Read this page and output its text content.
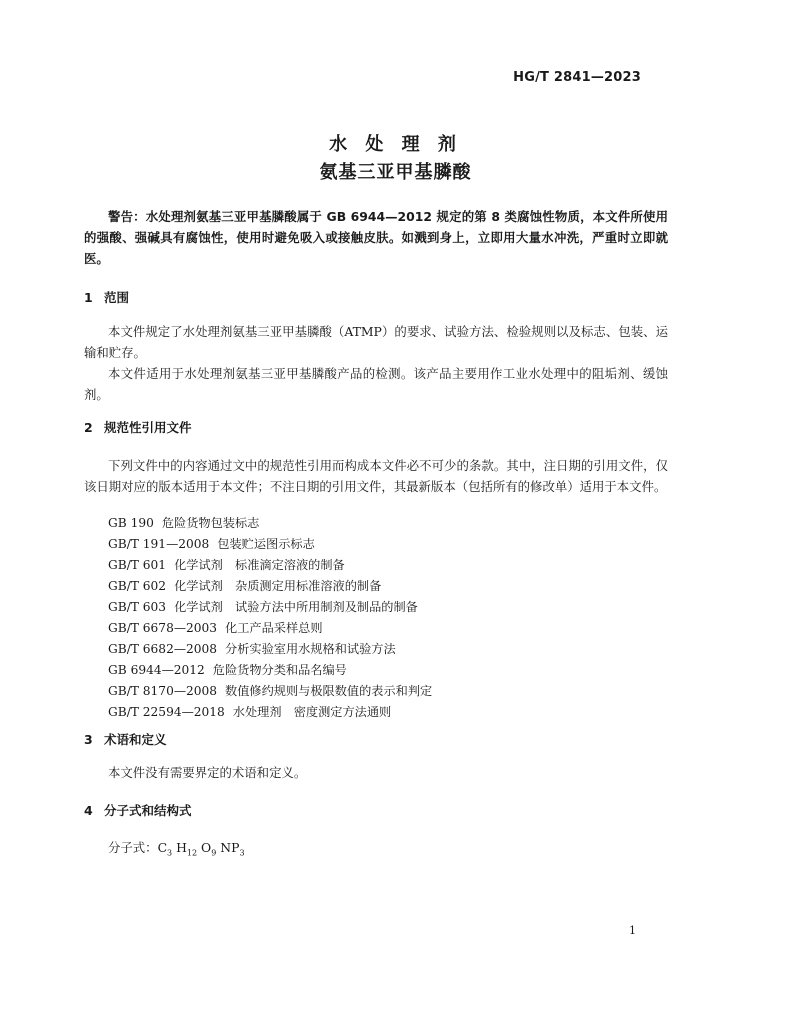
HG/T 2841—2023
水 处 理 剂
氨基三亚甲基膦酸
警告：水处理剂氨基三亚甲基膦酸属于 GB 6944—2012 规定的第 8 类腐蚀性物质，本文件所使用的强酸、强碱具有腐蚀性，使用时避免吸入或接触皮肤。如溅到身上，立即用大量水冲洗，严重时立即就医。
1 范围
本文件规定了水处理剂氨基三亚甲基膦酸（ATMP）的要求、试验方法、检验规则以及标志、包装、运输和贮存。
本文件适用于水处理剂氨基三亚甲基膦酸产品的检测。该产品主要用作工业水处理中的阻垢剂、缓蚀剂。
2 规范性引用文件
下列文件中的内容通过文中的规范性引用而构成本文件必不可少的条款。其中，注日期的引用文件，仅该日期对应的版本适用于本文件；不注日期的引用文件，其最新版本（包括所有的修改单）适用于本文件。
GB 190 危险货物包装标志
GB/T 191—2008 包装贮运图示标志
GB/T 601 化学试剂　标准滴定溶液的制备
GB/T 602 化学试剂　杂质测定用标准溶液的制备
GB/T 603 化学试剂　试验方法中所用制剂及制品的制备
GB/T 6678—2003 化工产品采样总则
GB/T 6682—2008 分析实验室用水规格和试验方法
GB 6944—2012 危险货物分类和品名编号
GB/T 8170—2008 数值修约规则与极限数值的表示和判定
GB/T 22594—2018 水处理剂　密度测定方法通则
3 术语和定义
本文件没有需要界定的术语和定义。
4 分子式和结构式
分子式：$C_3$ $H_{12}$ $O_9$ $NP_3$
1
